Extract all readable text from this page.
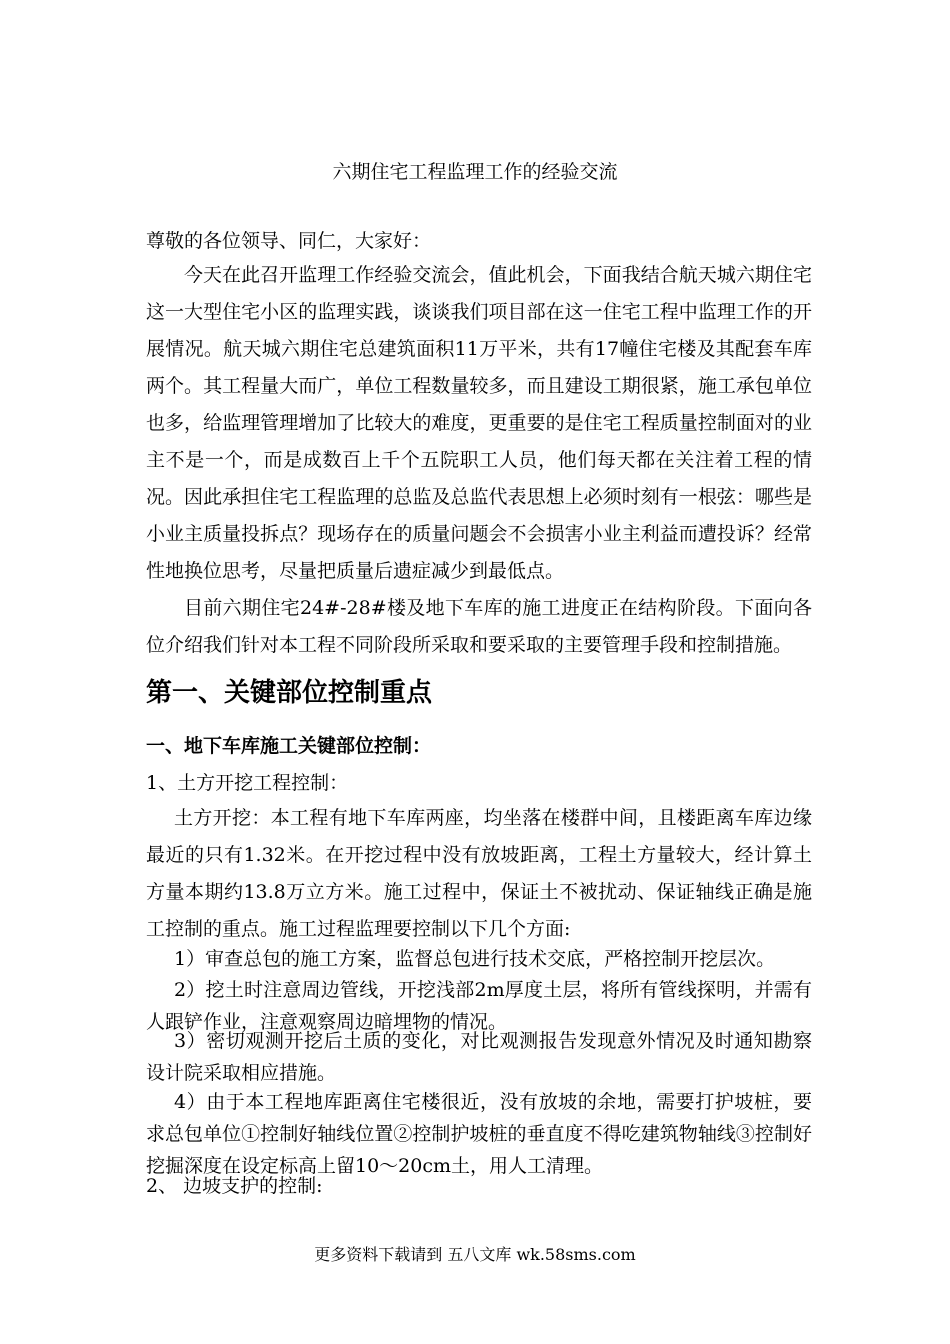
六期住宅工程监理工作的经验交流
尊敬的各位领导、同仁，大家好：

今天在此召开监理工作经验交流会，值此机会，下面我结合航天城六期住宅这一大型住宅小区的监理实践，谈谈我们项目部在这一住宅工程中监理工作的开展情况。航天城六期住宅总建筑面积11万平米，共有17幢住宅楼及其配套车库两个。其工程量大而广，单位工程数量较多，而且建设工期很紧，施工承包单位也多，给监理管理增加了比较大的难度，更重要的是住宅工程质量控制面对的业主不是一个，而是成数百上千个五院职工人员，他们每天都在关注着工程的情况。因此承担住宅工程监理的总监及总监代表思想上必须时刻有一根弦：哪些是小业主质量投拆点？现场存在的质量问题会不会损害小业主利益而遭投诉？经常性地换位思考，尽量把质量后遗症减少到最低点。

目前六期住宅24#-28#楼及地下车库的施工进度正在结构阶段。下面向各位介绍我们针对本工程不同阶段所采取和要采取的主要管理手段和控制措施。

第一、关键部位控制重点
一、地下车库施工关键部位控制：
1、土方开挖工程控制：

土方开挖：本工程有地下车库两座，均坐落在楼群中间，且楼距离车库边缘最近的只有1.32米。在开挖过程中没有放坡距离，工程土方量较大，经计算土方量本期约13.8万立方米。施工过程中，保证土不被扰动、保证轴线正确是施工控制的重点。施工过程监理要控制以下几个方面:

1）审查总包的施工方案，监督总包进行技术交底，严格控制开挖层次。

2）挖土时注意周边管线，开挖浅部2m厚度土层，将所有管线探明，并需有人跟铲作业，注意观察周边暗埋物的情况。

3）密切观测开挖后土质的变化，对比观测报告发现意外情况及时通知勘察设计院采取相应措施。

4）由于本工程地库距离住宅楼很近，没有放坡的余地，需要打护坡桩，要求总包单位①控制好轴线位置②控制护坡桩的垂直度不得吃建筑物轴线③控制好挖掘深度在设定标高上留10～20cm土，用人工清理。

2、 边坡支护的控制:
更多资料下载请到 五八文库 wk.58sms.com
